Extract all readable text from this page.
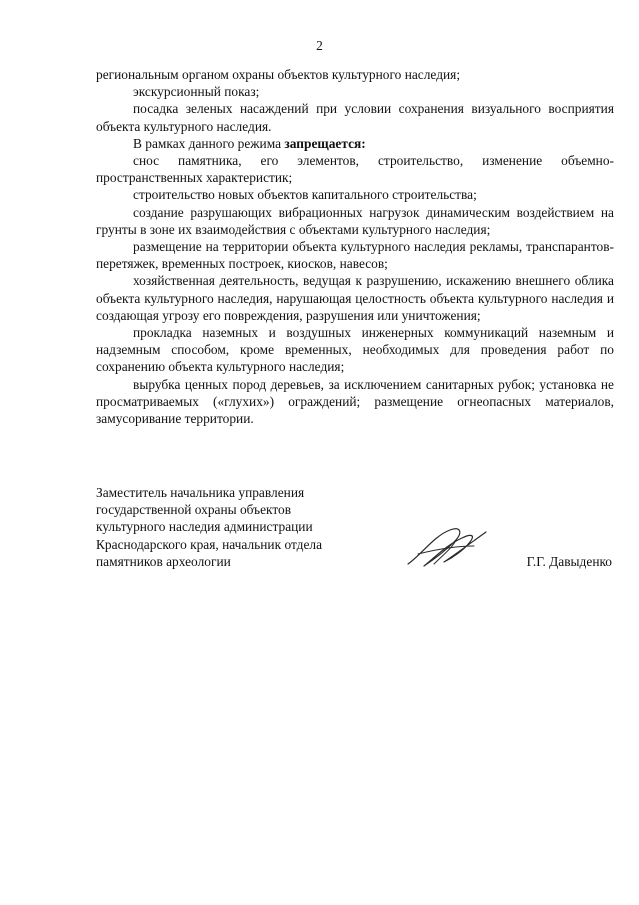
2

региональным органом охраны объектов культурного наследия;

экскурсионный показ;

посадка зеленых насаждений при условии сохранения визуального восприятия объекта культурного наследия.

В рамках данного режима запрещается:

снос памятника, его элементов, строительство, изменение объемно-пространственных характеристик;

строительство новых объектов капитального строительства;

создание разрушающих вибрационных нагрузок динамическим воздействием на грунты в зоне их взаимодействия с объектами культурного наследия;

размещение на территории объекта культурного наследия рекламы, транспарантов-перетяжек, временных построек, киосков, навесов;

хозяйственная деятельность, ведущая к разрушению, искажению внешнего облика объекта культурного наследия, нарушающая целостность объекта культурного наследия и создающая угрозу его повреждения, разрушения или уничтожения;

прокладка наземных и воздушных инженерных коммуникаций наземным и надземным способом, кроме временных, необходимых для проведения работ по сохранению объекта культурного наследия;

вырубка ценных пород деревьев, за исключением санитарных рубок; установка не просматриваемых («глухих») ограждений; размещение огнеопасных материалов, замусоривание территории.

Заместитель начальника управления
государственной охраны объектов
культурного наследия администрации
Краснодарского края, начальник отдела
памятников археологии	Г.Г. Давыденко
